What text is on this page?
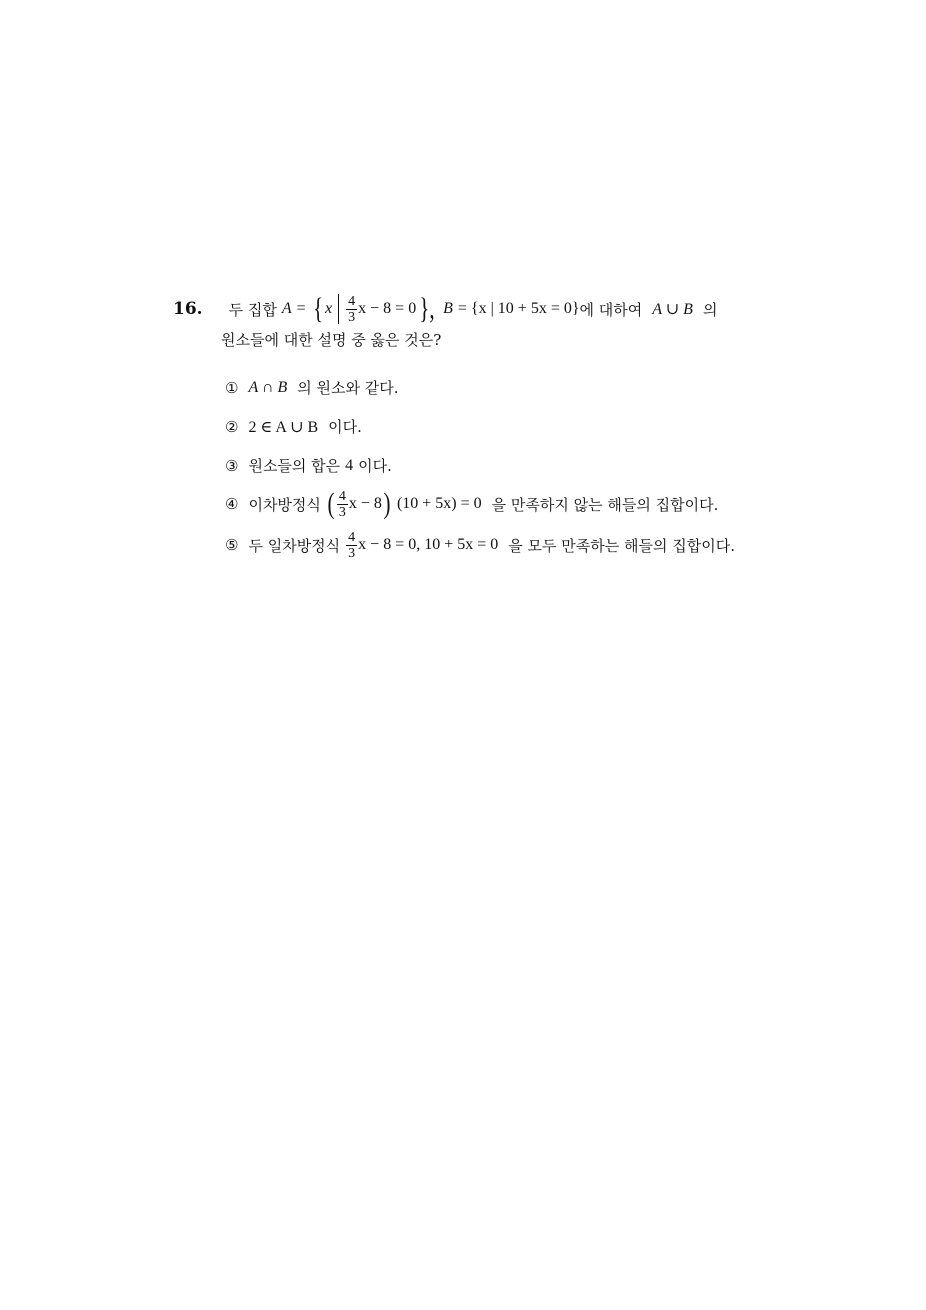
16. 두 집합 A = { x $\frac{4}{3}$ x − 8 = 0 }, B = {x | 10 + 5x = 0} 에 대하여 A ∪ B 의
원소들에 대한 설명 중 옳은 것은?
① A ∩ B 의 원소와 같다.
② 2 ∈ A ∪ B 이다.
③ 원소들의 합은 4 이다.
④ 이차방정식 ( $\frac{4}{3}$ x − 8 ) (10 + 5x) = 0 을 만족하지 않는 해들의 집합이다.
⑤ 두 일차방정식 $\frac{4}{3}$ x − 8 = 0, 10 + 5x = 0 을 모두 만족하는 해들의 집합이다.
